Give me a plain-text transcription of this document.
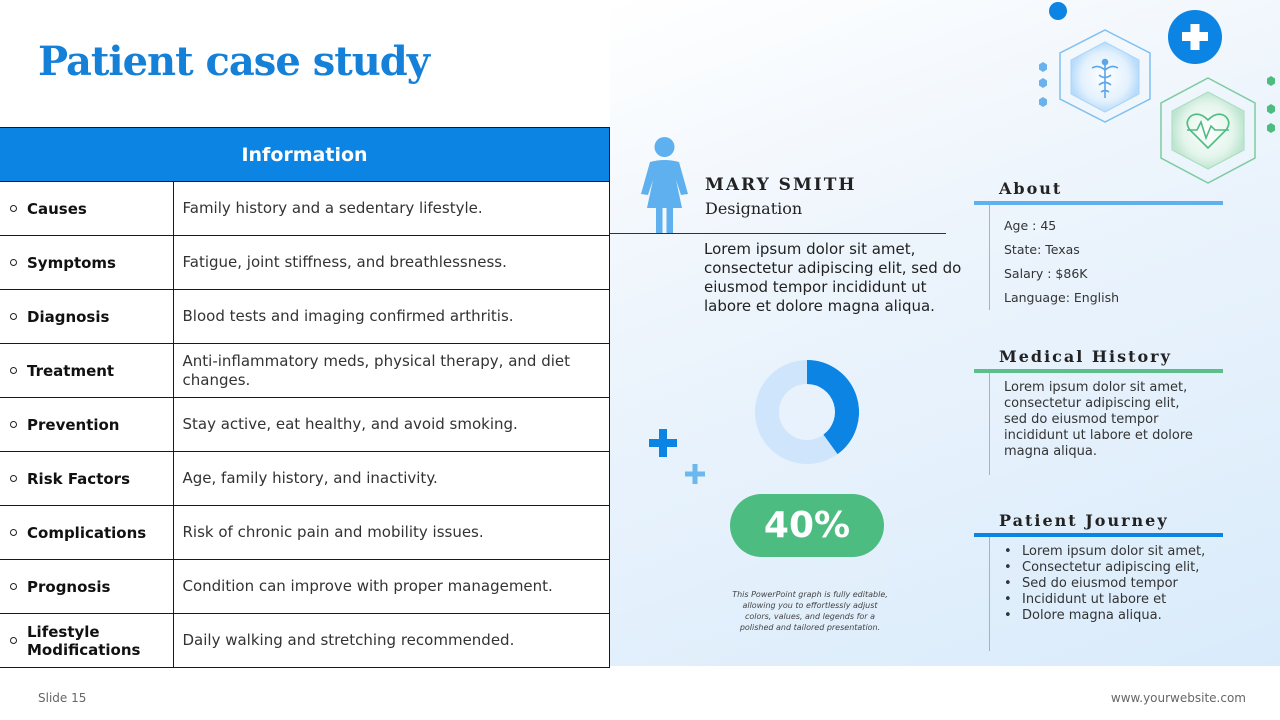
Patient case study
Information	

Causes	Family history and a sedentary lifestyle.

Symptoms	Fatigue, joint stiffness, and breathlessness.

Diagnosis	Blood tests and imaging confirmed arthritis.

Treatment	Anti-inflammatory meds, physical therapy, and diet changes.

Prevention	Stay active, eat healthy, and avoid smoking.

Risk Factors	Age, family history, and inactivity.

Complications	Risk of chronic pain and mobility issues.

Prognosis	Condition can improve with proper management.

Lifestyle Modifications	Daily walking and stretching recommended.
MARY SMITH
Designation

Lorem ipsum dolor sit amet, consectetur adipiscing elit, sed do eiusmod tempor incididunt ut labore et dolore magna aliqua.

40%

This PowerPoint graph is fully editable, allowing you to effortlessly adjust colors, values, and legends for a polished and tailored presentation.

About
Age : 45
State: Texas
Salary : $86K
Language: English
Medical History

Lorem ipsum dolor sit amet, consectetur adipiscing elit, sed do eiusmod tempor incididunt ut labore et dolore magna aliqua.

Patient Journey
• Lorem ipsum dolor sit amet,
• Consectetur adipiscing elit,
• Sed do eiusmod tempor
• Incididunt ut labore et
• Dolore magna aliqua.
Slide 15	www.yourwebsite.com
